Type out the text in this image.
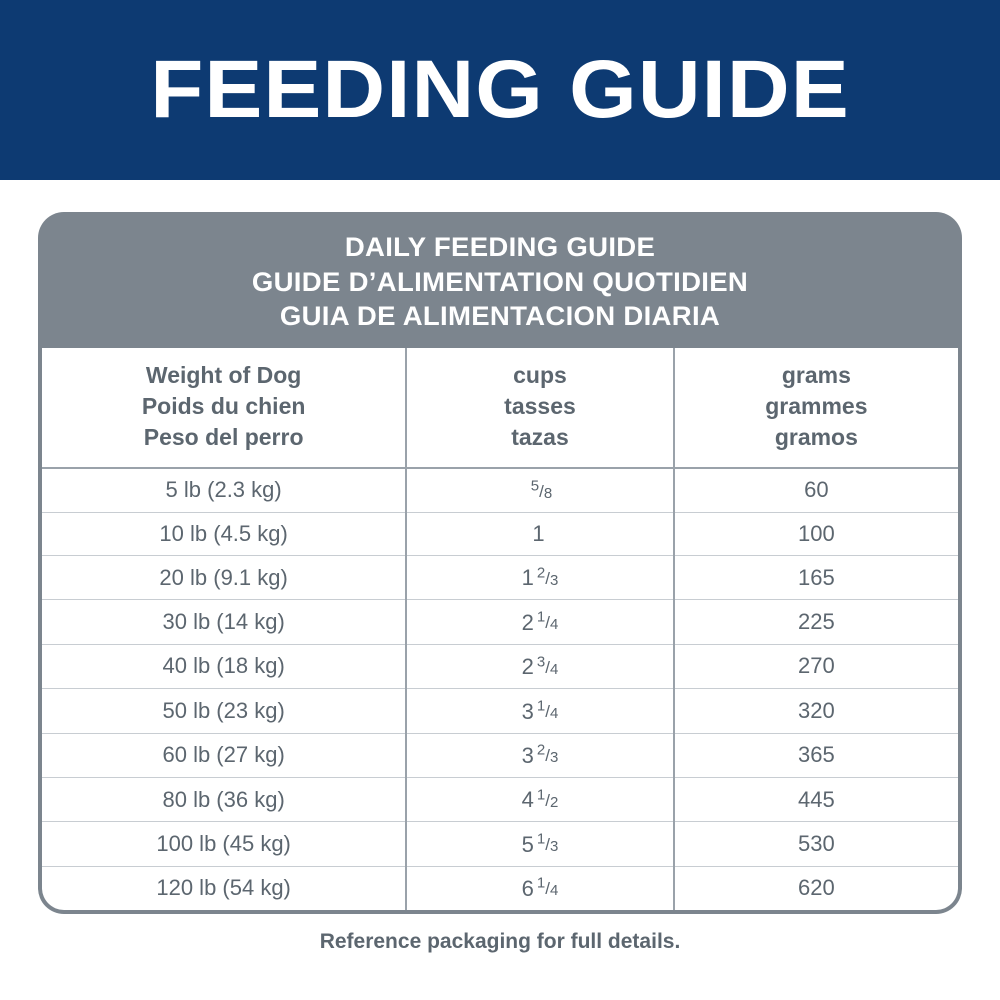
FEEDING GUIDE
DAILY FEEDING GUIDE
GUIDE D’ALIMENTATION QUOTIDIEN
GUIA DE ALIMENTACION DIARIA
Weight of Dog
Poids du chien
Peso del perro	cups
tasses
tazas	grams
grammes
gramos

5 lb (2.3 kg)	5/8	60
10 lb (4.5 kg)	1	100
20 lb (9.1 kg)	1 2/3	165
30 lb (14 kg)	2 1/4	225
40 lb (18 kg)	2 3/4	270
50 lb (23 kg)	3 1/4	320
60 lb (27 kg)	3 2/3	365
80 lb (36 kg)	4 1/2	445
100 lb (45 kg)	5 1/3	530
120 lb (54 kg)	6 1/4	620
Reference packaging for full details.
